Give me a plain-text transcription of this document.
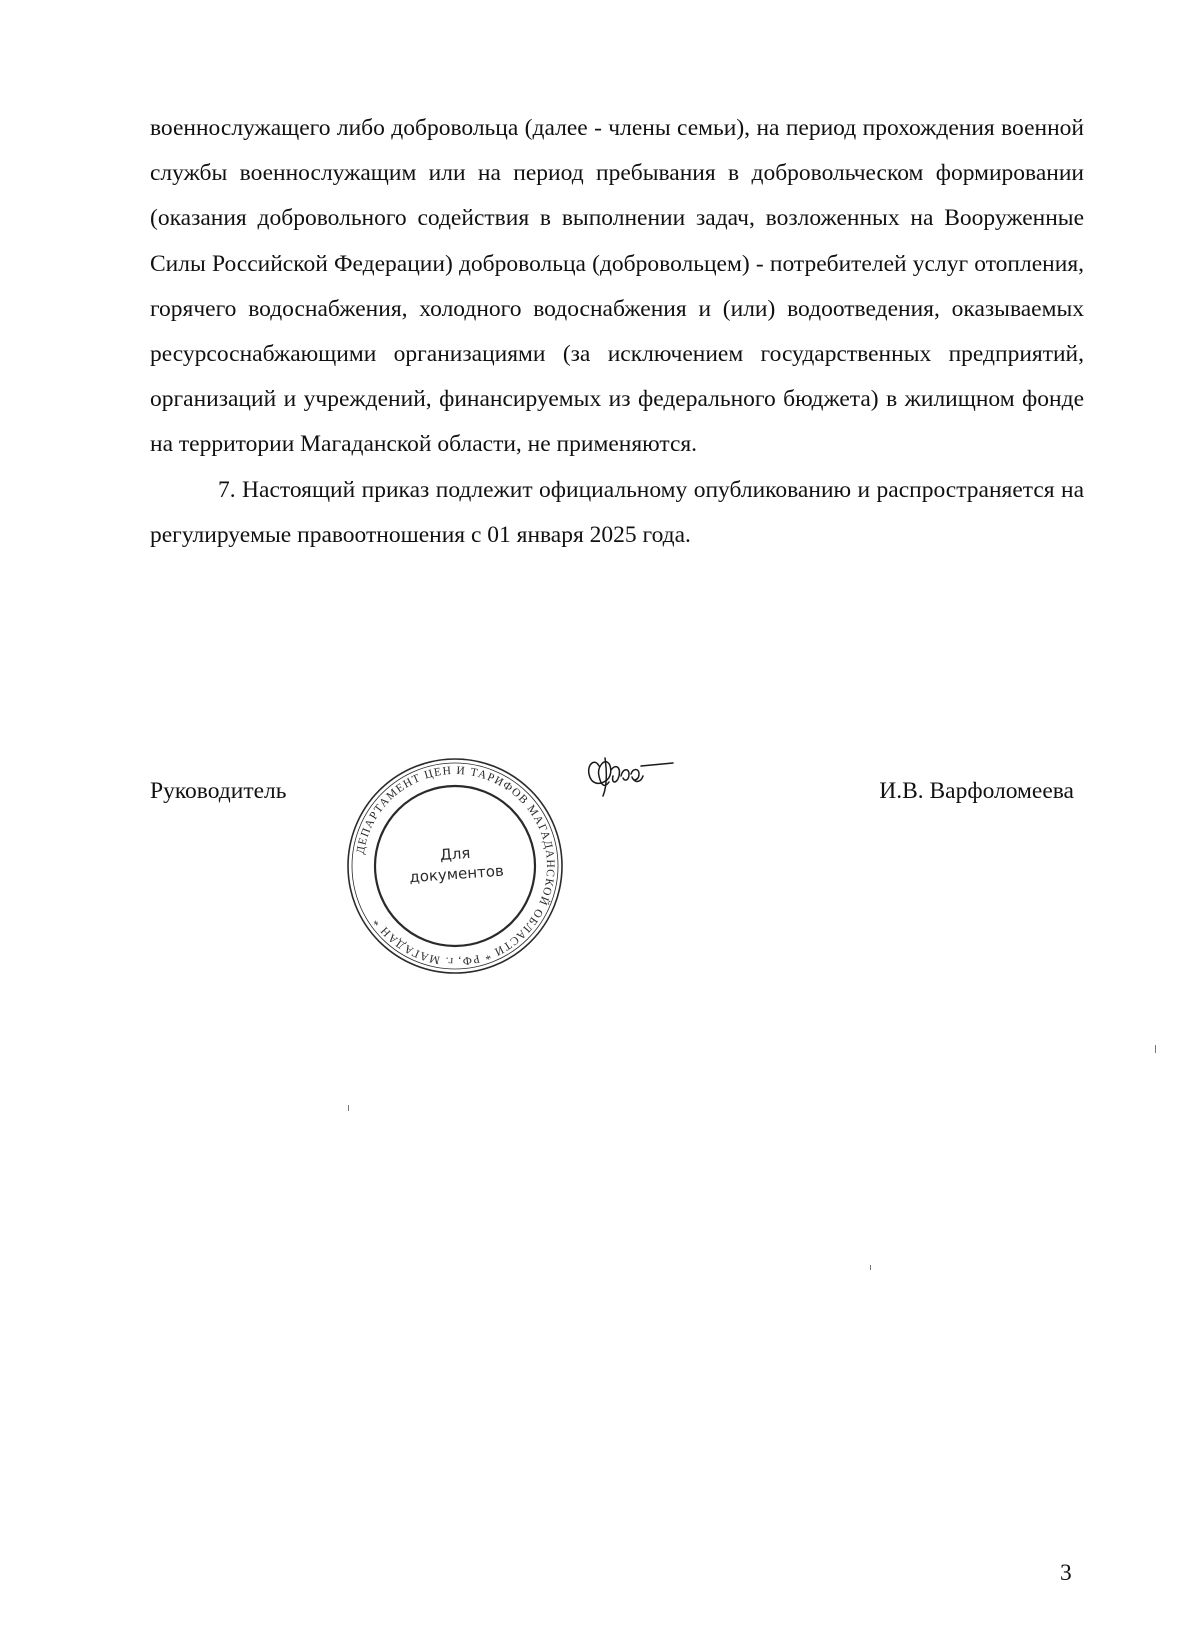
военнослужащего либо добровольца (далее - члены семьи), на период прохождения военной службы военнослужащим или на период пребывания в добровольческом формировании (оказания добровольного содействия в выполнении задач, возложенных на Вооруженные Силы Российской Федерации) добровольца (добровольцем) - потребителей услуг отопления, горячего водоснабжения, холодного водоснабжения и (или) водоотведения, оказываемых ресурсоснабжающими организациями (за исключением государственных предприятий, организаций и учреждений, финансируемых из федерального бюджета) в жилищном фонде на территории Магаданской области, не применяются.

7. Настоящий приказ подлежит официальному опубликованию и распространяется на регулируемые правоотношения с 01 января 2025 года.

Руководитель	И.В. Варфоломеева
ДЕПАРТАМЕНТ ЦЕН И ТАРИФОВ МАГАДАНСКОЙ ОБЛАСТИ * РФ, г. МАГАДАН *
Для
документов
3
